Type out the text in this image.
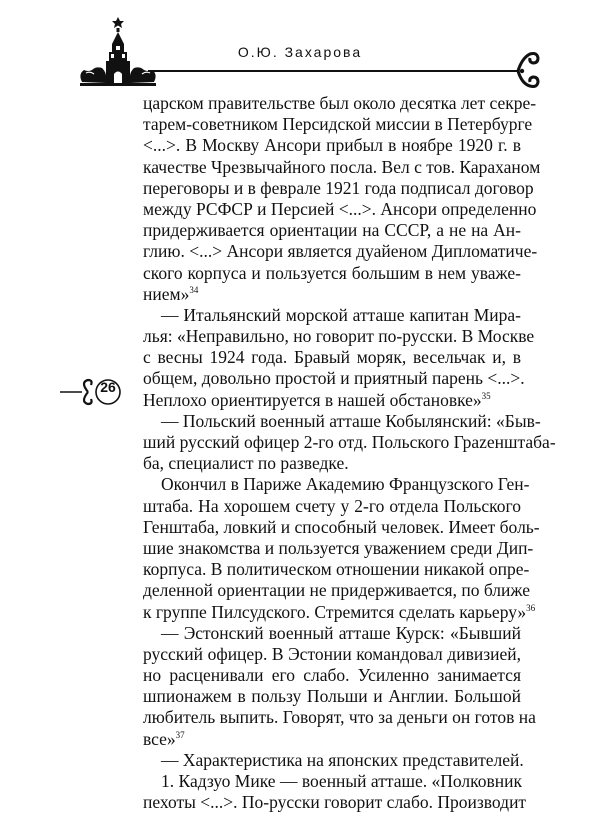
О.Ю. Захарова
26
царском правительстве был около десятка лет секре-
тарем-советником Персидской миссии в Петербурге
<...>. В Москву Ансори прибыл в ноябре 1920 г. в
качестве Чрезвычайного посла. Вел с тов. Караханом
переговоры и в феврале 1921 года подписал договор
между РСФСР и Персией <...>. Ансори определенно
придерживается ориентации на СССР, а не на Ан-
глию. <...> Ансори является дуайеном Дипломатиче-
ского корпуса и пользуется большим в нем уваже-
нием»$^{34}$
— Итальянский морской атташе капитан Мира-
лья: «Неправильно, но говорит по-русски. В Москве
с весны 1924 года. Бравый моряк, весельчак и, в
общем, довольно простой и приятный парень <...>.
Неплохо ориентируется в нашей обстановке»$^{35}$
— Польский военный атташе Кобылянский: «Быв-
ший русский офицер 2-го отд. Польского Грazенштаба-
ба, специалист по разведке.
Окончил в Париже Академию Французского Ген-
штаба. На хорошем счету у 2-го отдела Польского
Генштаба, ловкий и способный человек. Имеет боль-
шие знакомства и пользуется уважением среди Дип-
корпуса. В политическом отношении никакой опре-
деленной ориентации не придерживается, по ближе
к группе Пилсудского. Стремится сделать карьеру»$^{36}$
— Эстонский военный атташе Курск: «Бывший
русский офицер. В Эстонии командовал дивизией,
но расценивали его слабо. Усиленно занимается
шпионажем в пользу Польши и Англии. Большой
любитель выпить. Говорят, что за деньги он готов на
все»$^{37}$
— Характеристика на японских представителей.
1. Кадзуо Мике — военный атташе. «Полковник
пехоты <...>. По-русски говорит слабо. Производит
